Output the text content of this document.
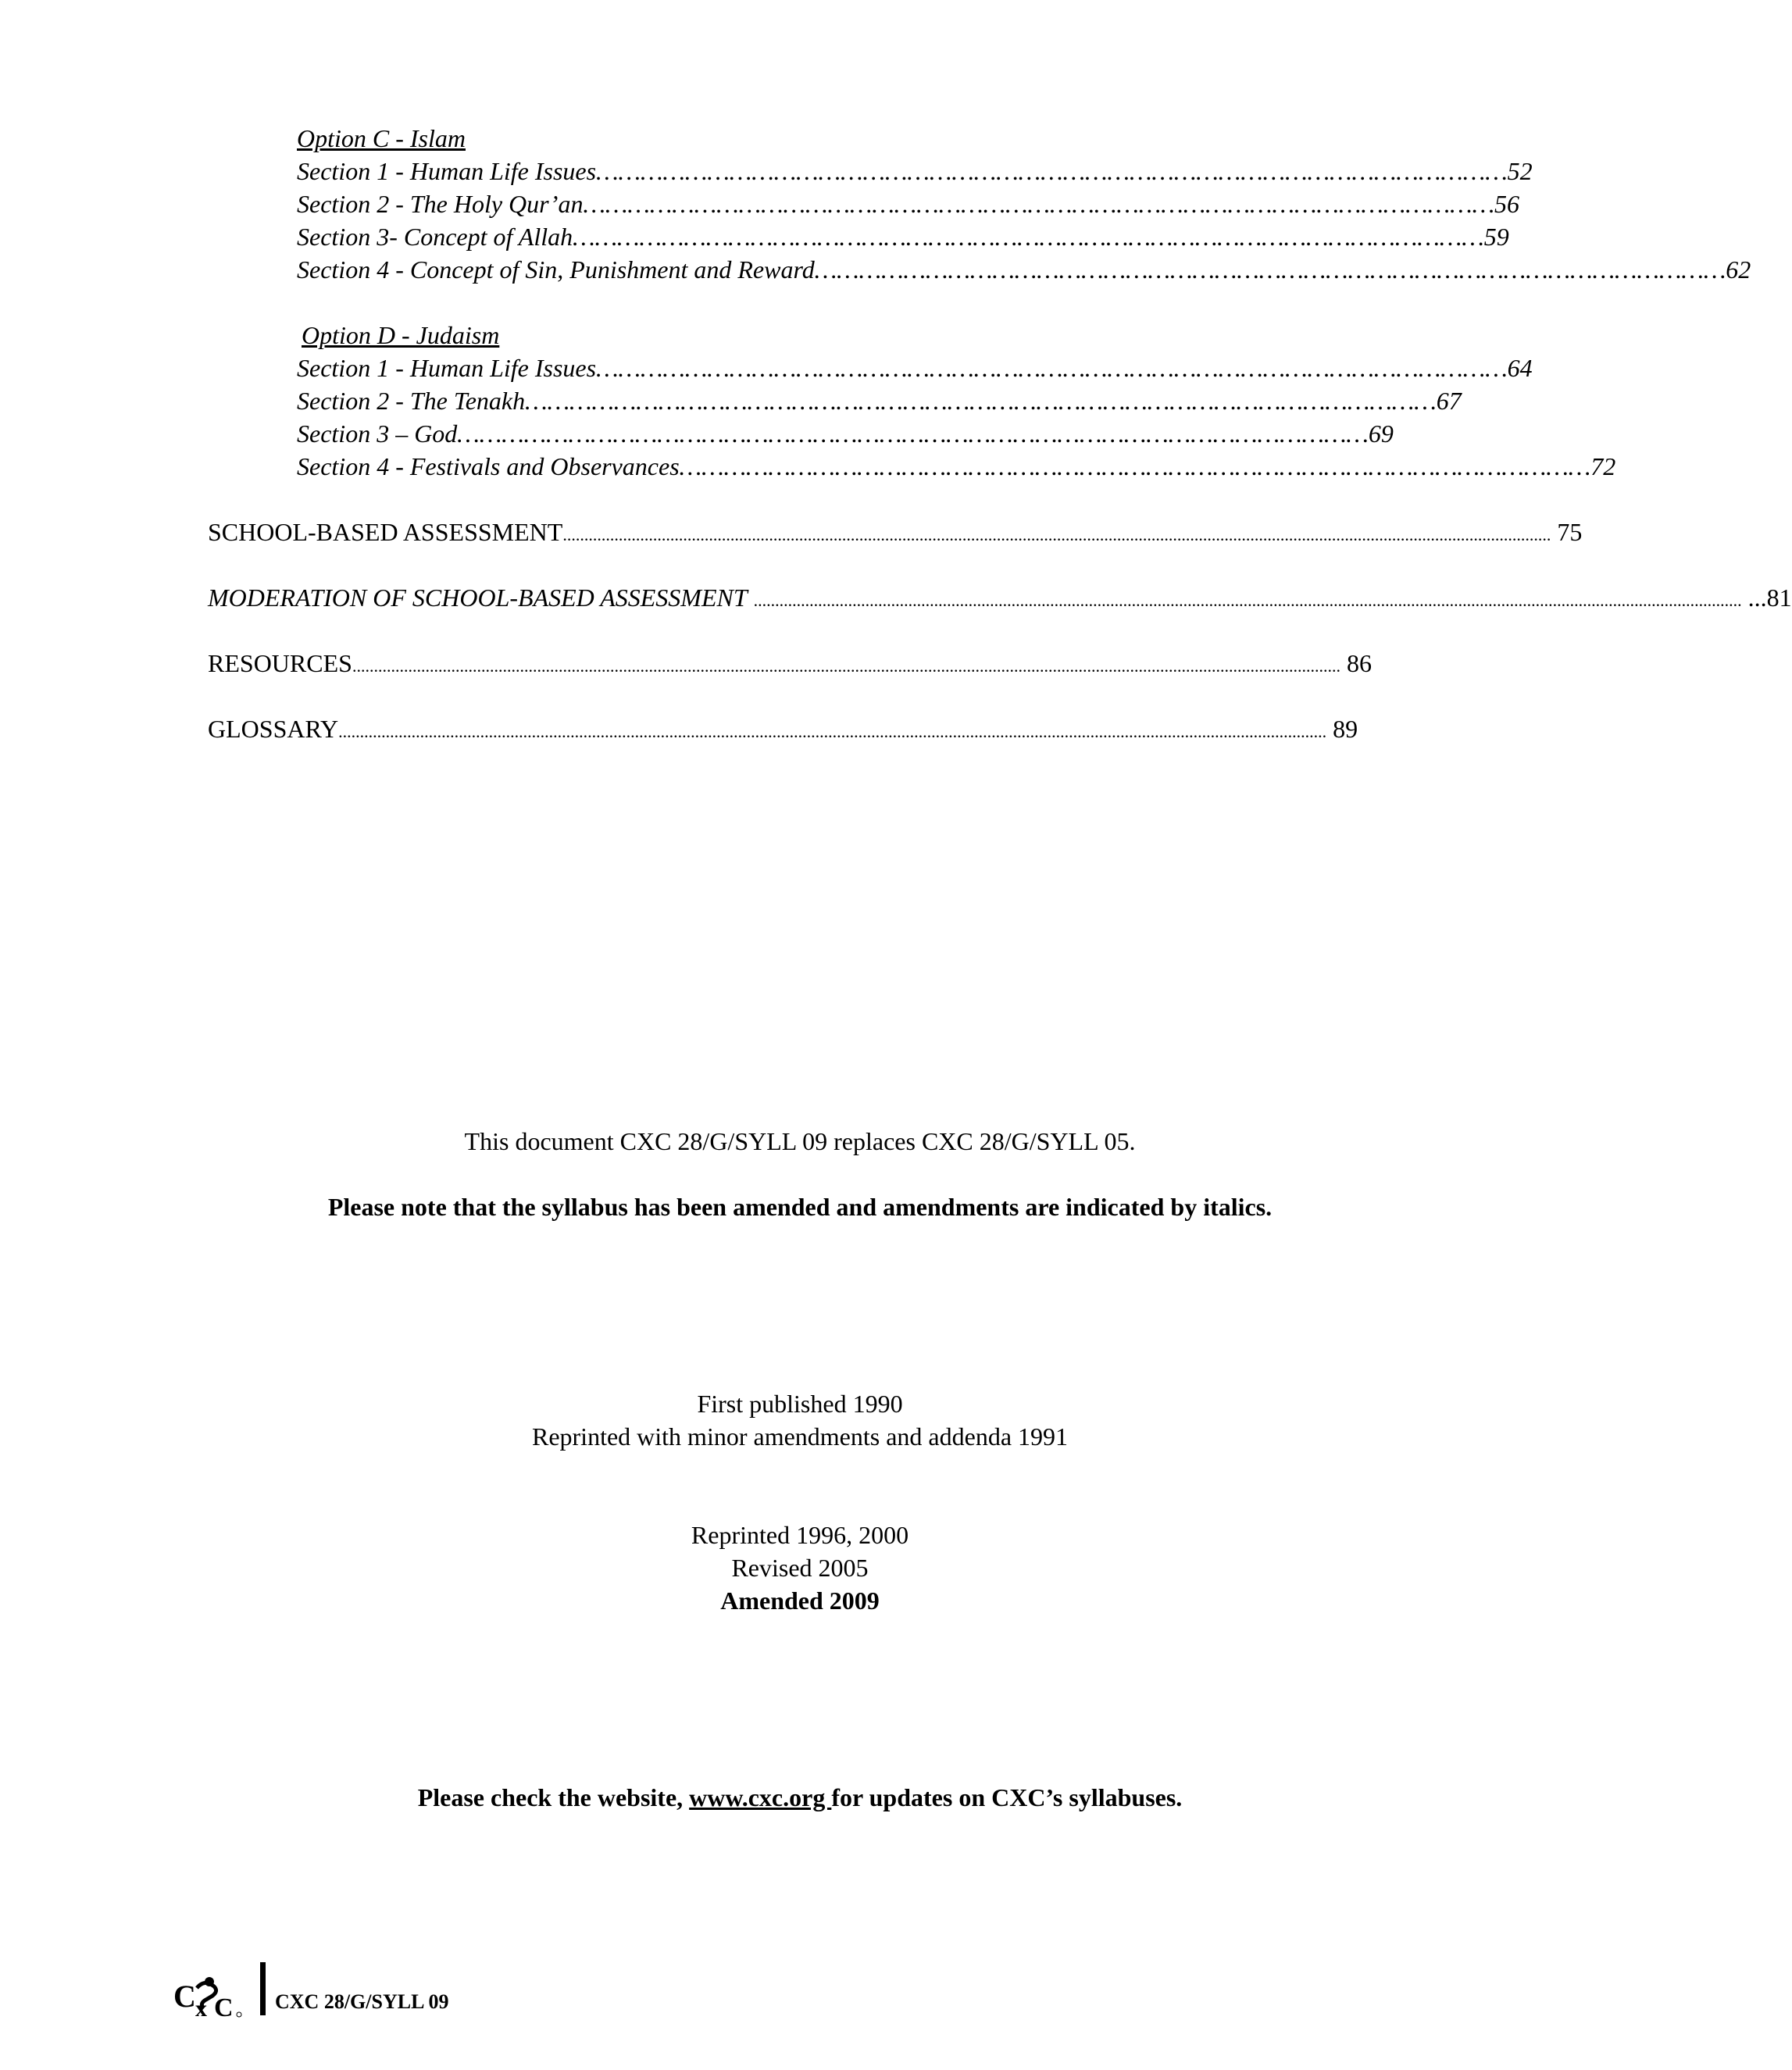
Option C - Islam
Section 1 - Human Life Issues …………………………………………………………………………………………………………… 52
Section 2 - The Holy Qur’an …………………………………………………………………………………………………………… 56
Section 3- Concept of Allah …………………………………………………………………………………………………………… 59
Section 4 - Concept of Sin, Punishment and Reward …………………………………………………………………………………………………………… 62
Option D - Judaism
Section 1 - Human Life Issues …………………………………………………………………………………………………………… 64
Section 2 - The Tenakh …………………………………………………………………………………………………………… 67
Section 3 – God …………………………………………………………………………………………………………… 69
Section 4 - Festivals and Observances …………………………………………………………………………………………………………… 72
SCHOOL-BASED ASSESSMENT ...................................................................................................................................................................................................................................... 75
MODERATION OF SCHOOL-BASED ASSESSMENT ...................................................................................................................................................................................................................................... ...81
RESOURCES ...................................................................................................................................................................................................................................... 86
GLOSSARY ...................................................................................................................................................................................................................................... 89
This document CXC 28/G/SYLL 09 replaces CXC 28/G/SYLL 05.
Please note that the syllabus has been amended and amendments are indicated by italics.
First published 1990
Reprinted with minor amendments and addenda 1991
Reprinted 1996, 2000
Revised 2005
Amended 2009
Please check the website, www.cxc.org for updates on CXC’s syllabuses.
C x C CXC 28/G/SYLL 09
